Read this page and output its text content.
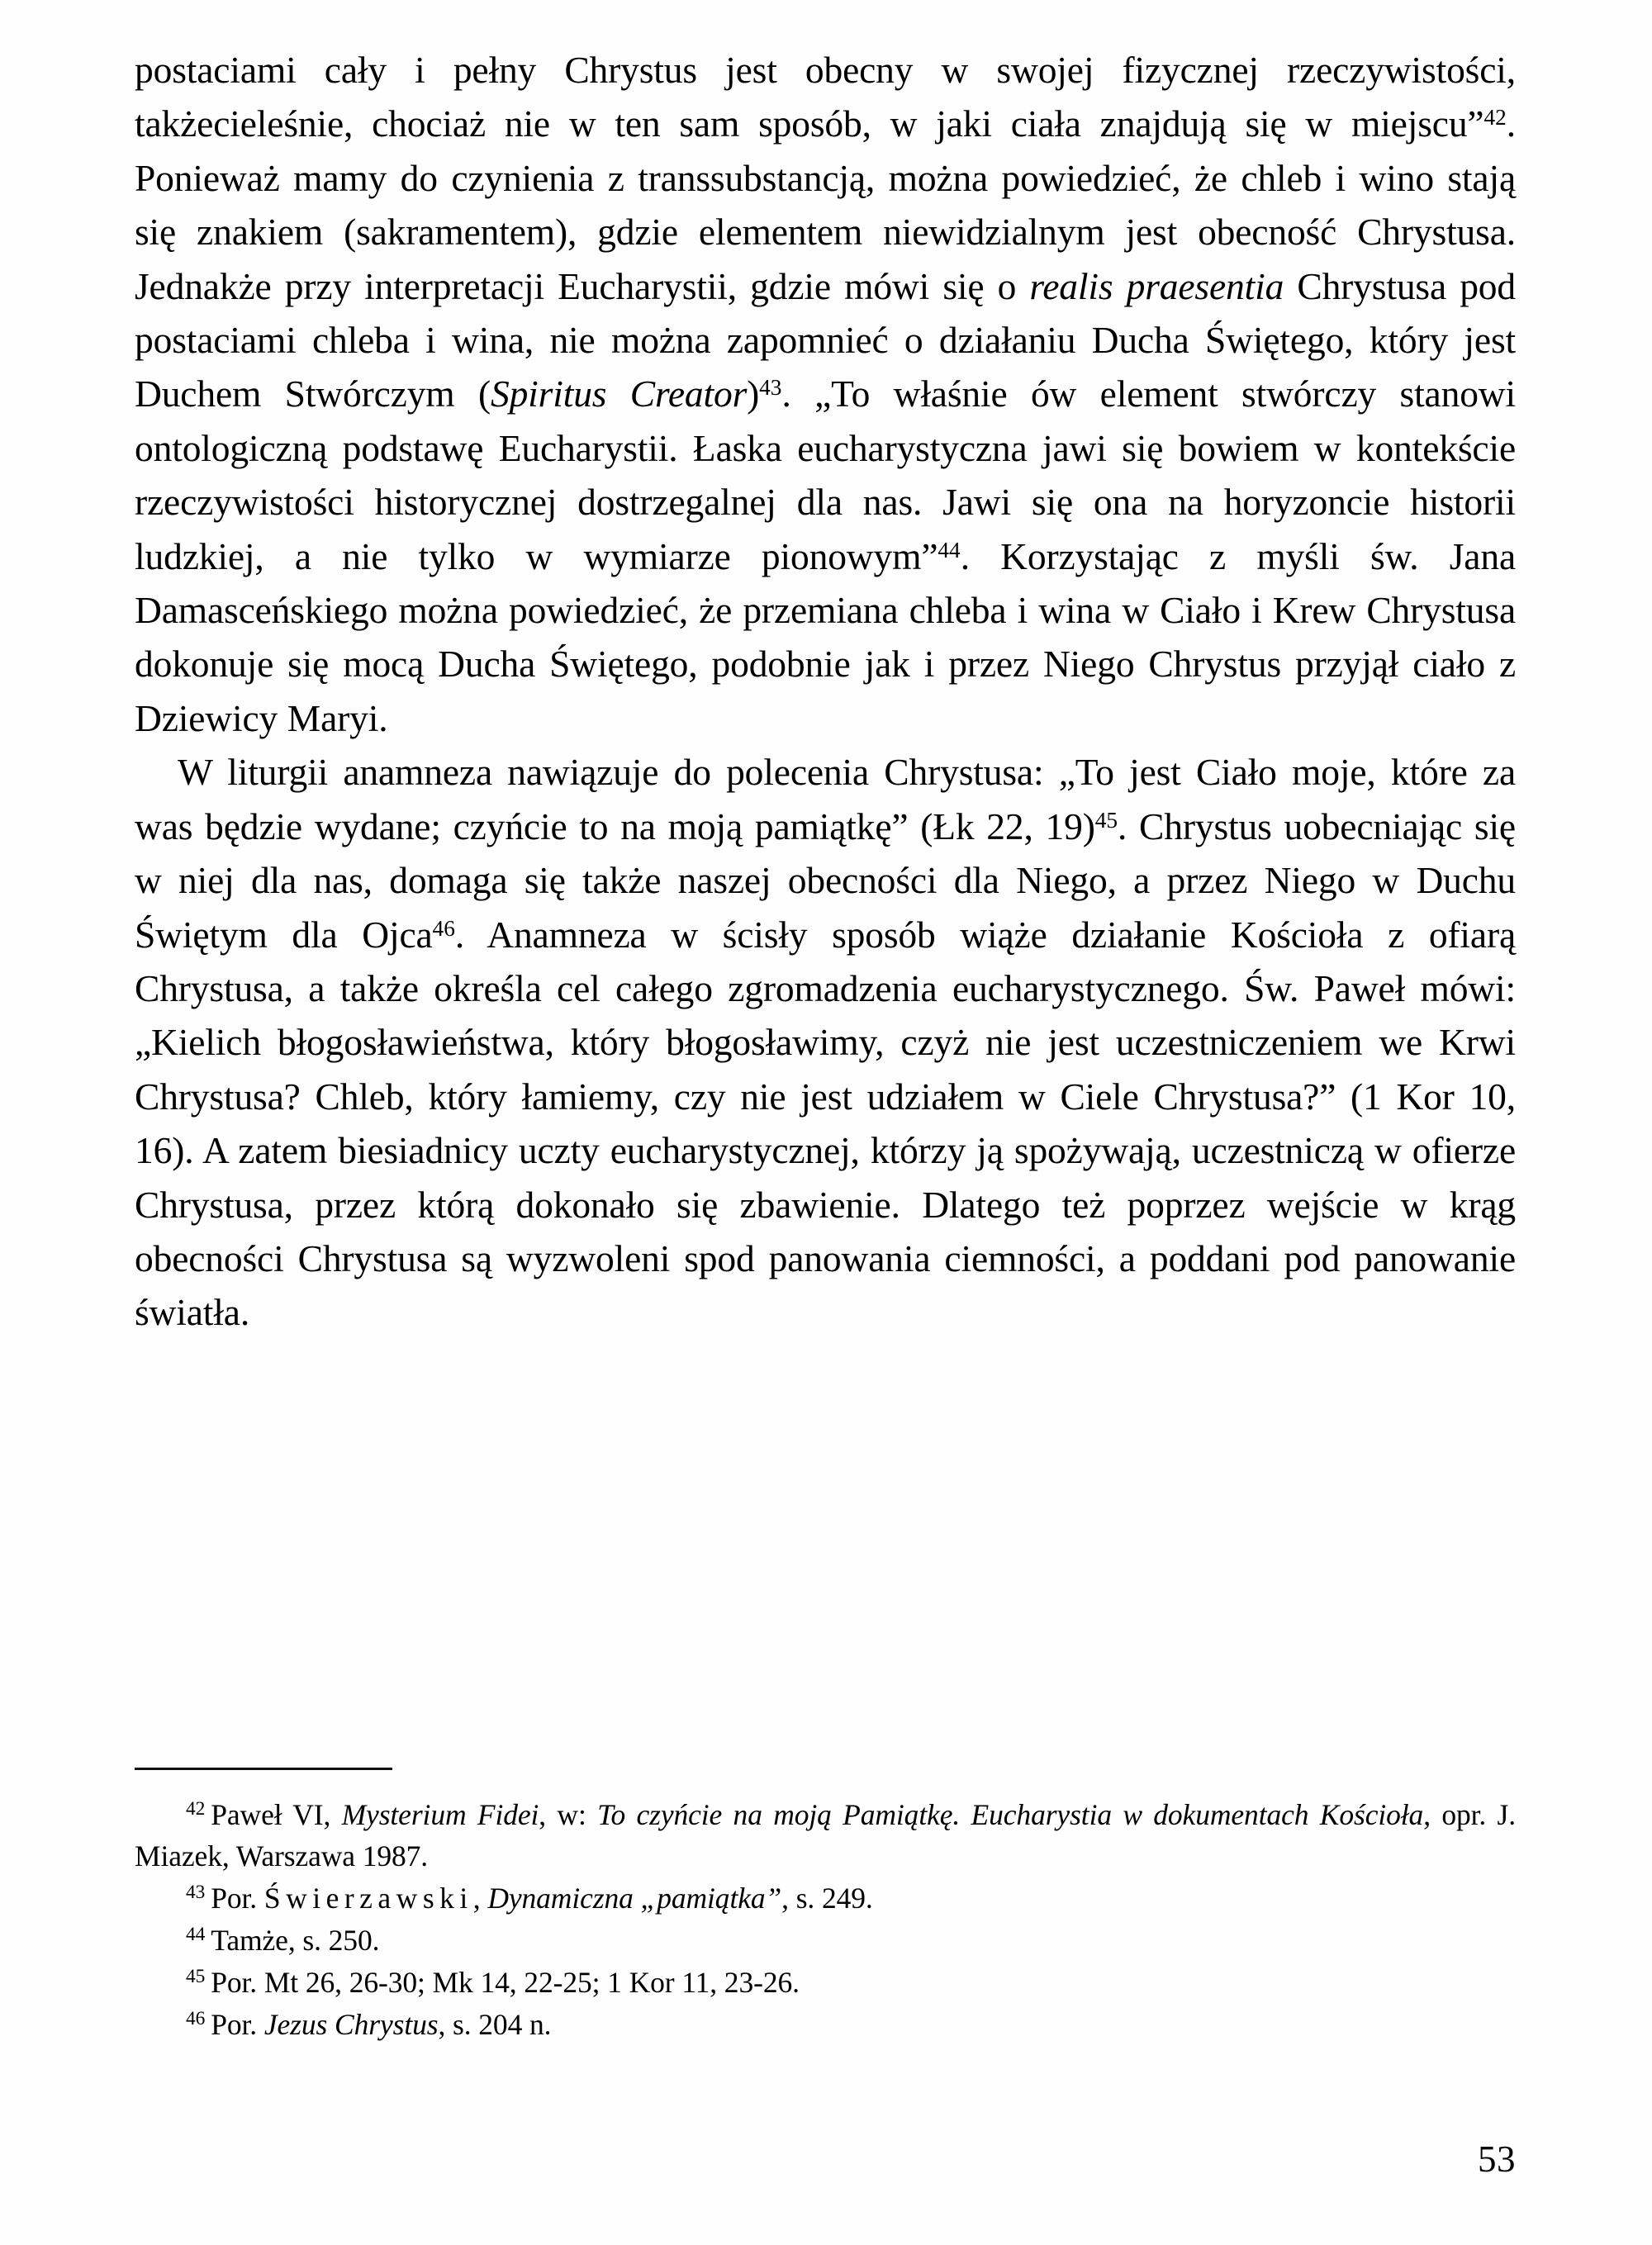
postaciami cały i pełny Chrystus jest obecny w swojej fizycznej rzeczywistości, takżecieleśnie, chociaż nie w ten sam sposób, w jaki ciała znajdują się w miejscu”$^{42}$. Ponieważ mamy do czynienia z transsubstancją, można powiedzieć, że chleb i wino stają się znakiem (sakramentem), gdzie elementem niewidzialnym jest obecność Chrystusa. Jednakże przy interpretacji Eucharystii, gdzie mówi się o realis praesentia Chrystusa pod postaciami chleba i wina, nie można zapomnieć o działaniu Ducha Świętego, który jest Duchem Stwórczym (Spiritus Creator)$^{43}$. „To właśnie ów element stwórczy stanowi ontologiczną podstawę Eucharystii. Łaska eucharystyczna jawi się bowiem w kontekście rzeczywistości historycznej dostrzegalnej dla nas. Jawi się ona na horyzoncie historii ludzkiej, a nie tylko w wymiarze pionowym”$^{44}$. Korzystając z myśli św. Jana Damasceńskiego można powiedzieć, że przemiana chleba i wina w Ciało i Krew Chrystusa dokonuje się mocą Ducha Świętego, podobnie jak i przez Niego Chrystus przyjął ciało z Dziewicy Maryi.

W liturgii anamneza nawiązuje do polecenia Chrystusa: „To jest Ciało moje, które za was będzie wydane; czyńcie to na moją pamiątkę” (Łk 22, 19)$^{45}$. Chrystus uobecniając się w niej dla nas, domaga się także naszej obecności dla Niego, a przez Niego w Duchu Świętym dla Ojca$^{46}$. Anamneza w ścisły sposób wiąże działanie Kościoła z ofiarą Chrystusa, a także określa cel całego zgromadzenia eucharystycznego. Św. Paweł mówi: „Kielich błogosławieństwa, który błogosławimy, czyż nie jest uczestniczeniem we Krwi Chrystusa? Chleb, który łamiemy, czy nie jest udziałem w Ciele Chrystusa?” (1 Kor 10, 16). A zatem biesiadnicy uczty eucharystycznej, którzy ją spożywają, uczestniczą w ofierze Chrystusa, przez którą dokonało się zbawienie. Dlatego też poprzez wejście w krąg obecności Chrystusa są wyzwoleni spod panowania ciemności, a poddani pod panowanie światła.

$^{42}$ Paweł VI, Mysterium Fidei, w: To czyńcie na moją Pamiątkę. Eucharystia w dokumentach Kościoła, opr. J. Miazek, Warszawa 1987.

$^{43}$ Por. Świerzawski, Dynamiczna „pamiątka”, s. 249.

$^{44}$ Tamże, s. 250.

$^{45}$ Por. Mt 26, 26-30; Mk 14, 22-25; 1 Kor 11, 23-26.

$^{46}$ Por. Jezus Chrystus, s. 204 n.

53
